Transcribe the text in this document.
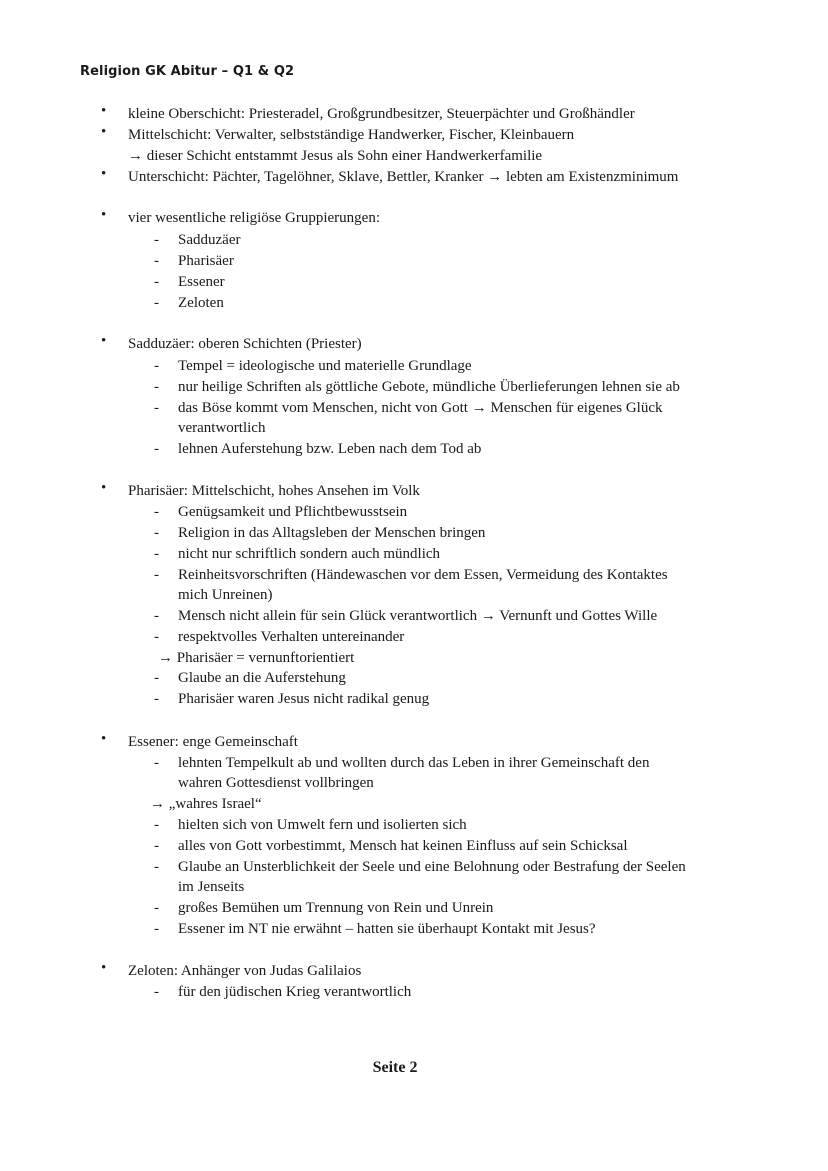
Religion GK Abitur – Q1 & Q2
• kleine Oberschicht: Priesteradel, Großgrundbesitzer, Steuerpächter und Großhändler
• Mittelschicht: Verwalter, selbstständige Handwerker, Fischer, Kleinbauern
→ dieser Schicht entstammt Jesus als Sohn einer Handwerkerfamilie
• Unterschicht: Pächter, Tagelöhner, Sklave, Bettler, Kranker → lebten am Existenzminimum
• vier wesentliche religiöse Gruppierungen:
- Sadduzäer
- Pharisäer
- Essener
- Zeloten
• Sadduzäer: oberen Schichten (Priester)
- Tempel = ideologische und materielle Grundlage
- nur heilige Schriften als göttliche Gebote, mündliche Überlieferungen lehnen sie ab
- das Böse kommt vom Menschen, nicht von Gott → Menschen für eigenes Glück
verantwortlich
- lehnen Auferstehung bzw. Leben nach dem Tod ab
• Pharisäer: Mittelschicht, hohes Ansehen im Volk
- Genügsamkeit und Pflichtbewusstsein
- Religion in das Alltagsleben der Menschen bringen
- nicht nur schriftlich sondern auch mündlich
- Reinheitsvorschriften (Händewaschen vor dem Essen, Vermeidung des Kontaktes
mich Unreinen)
- Mensch nicht allein für sein Glück verantwortlich → Vernunft und Gottes Wille
- respektvolles Verhalten untereinander
→ Pharisäer = vernunftorientiert
- Glaube an die Auferstehung
- Pharisäer waren Jesus nicht radikal genug
• Essener: enge Gemeinschaft
- lehnten Tempelkult ab und wollten durch das Leben in ihrer Gemeinschaft den
wahren Gottesdienst vollbringen
→ „wahres Israel“
- hielten sich von Umwelt fern und isolierten sich
- alles von Gott vorbestimmt, Mensch hat keinen Einfluss auf sein Schicksal
- Glaube an Unsterblichkeit der Seele und eine Belohnung oder Bestrafung der Seelen
im Jenseits
- großes Bemühen um Trennung von Rein und Unrein
- Essener im NT nie erwähnt – hatten sie überhaupt Kontakt mit Jesus?
• Zeloten: Anhänger von Judas Galilaios
- für den jüdischen Krieg verantwortlich
Seite 2
